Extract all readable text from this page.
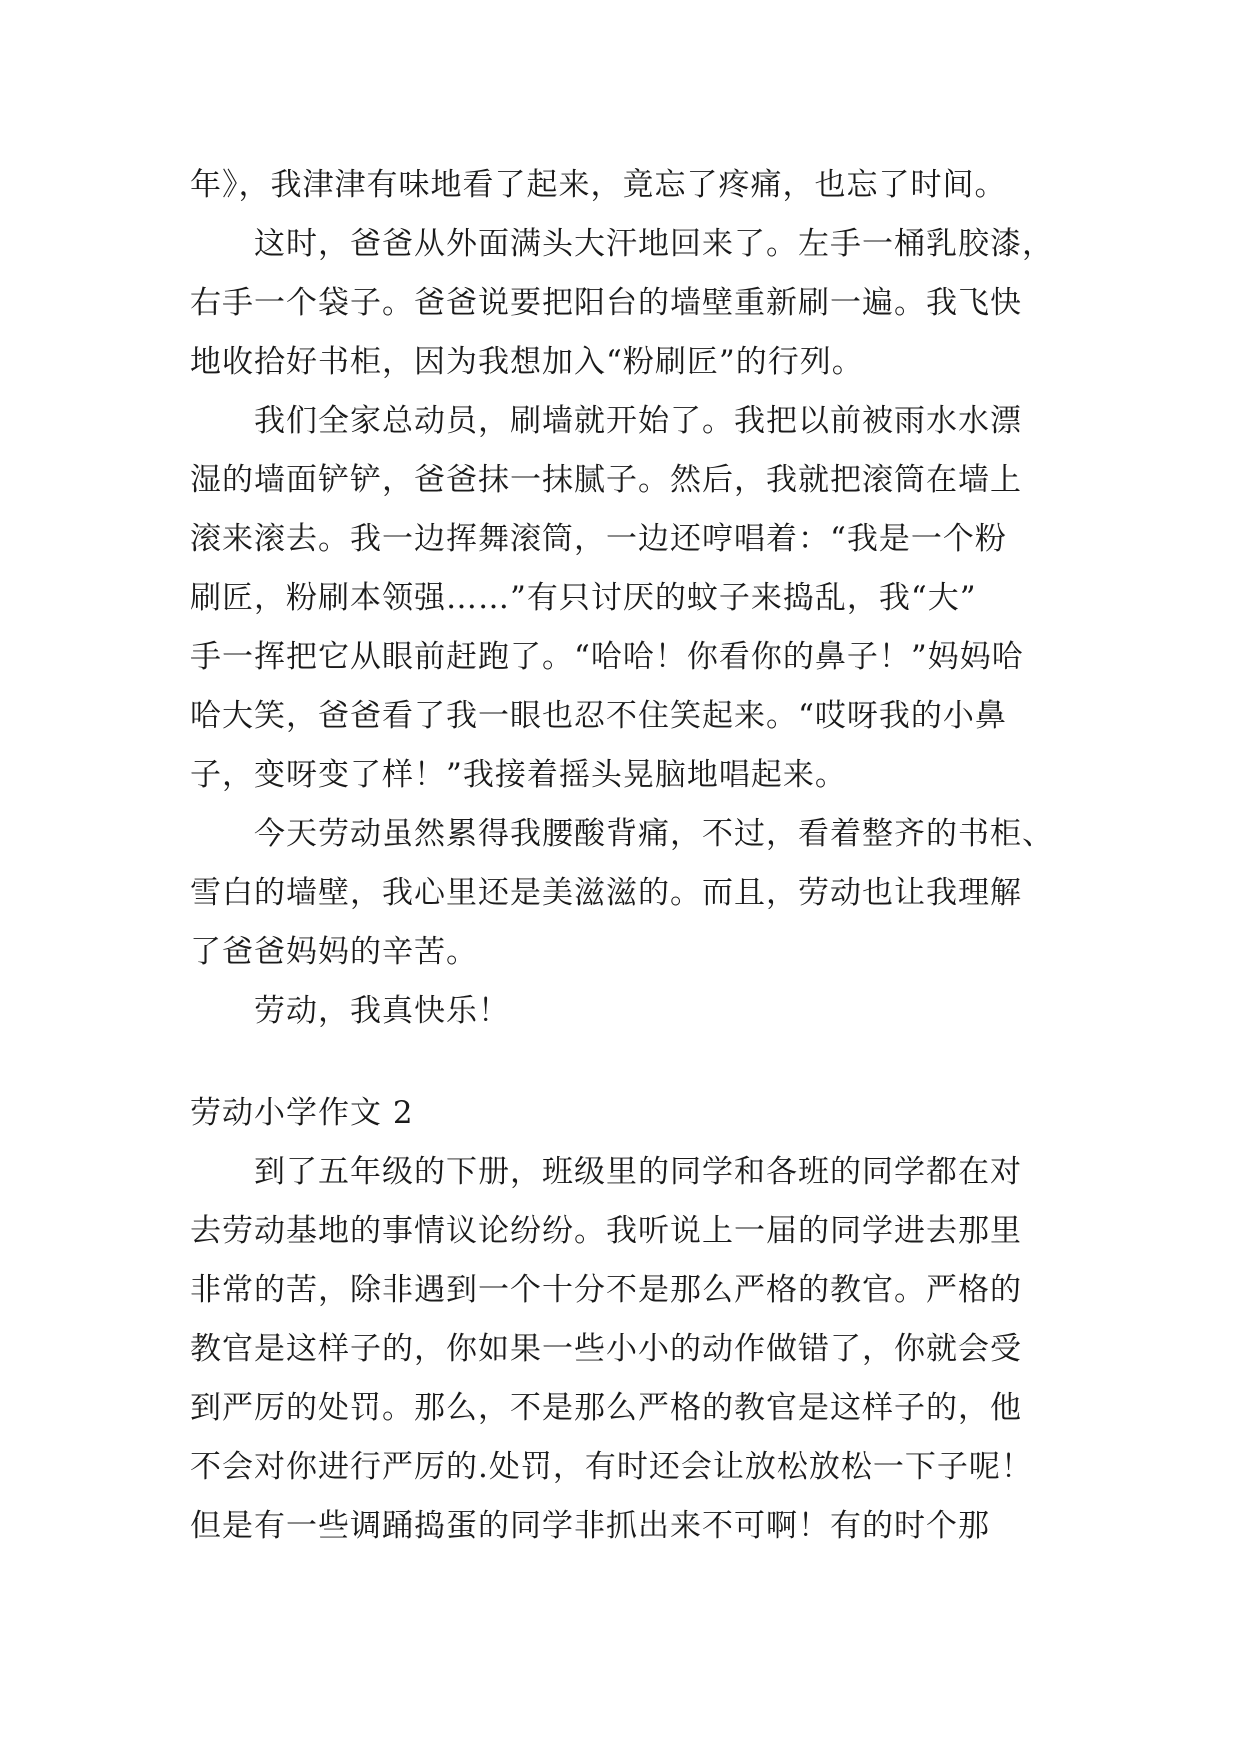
年》，我津津有味地看了起来，竟忘了疼痛，也忘了时间。
这时，爸爸从外面满头大汗地回来了。左手一桶乳胶漆，
右手一个袋子。爸爸说要把阳台的墙壁重新刷一遍。我飞快
地收拾好书柜，因为我想加入“粉刷匠”的行列。
我们全家总动员，刷墙就开始了。我把以前被雨水水漂
湿的墙面铲铲，爸爸抹一抹腻子。然后，我就把滚筒在墙上
滚来滚去。我一边挥舞滚筒，一边还哼唱着：“我是一个粉
刷匠，粉刷本领强……”有只讨厌的蚊子来捣乱，我“大”
手一挥把它从眼前赶跑了。“哈哈！你看你的鼻子！”妈妈哈
哈大笑，爸爸看了我一眼也忍不住笑起来。“哎呀我的小鼻
子，变呀变了样！”我接着摇头晃脑地唱起来。
今天劳动虽然累得我腰酸背痛，不过，看着整齐的书柜、
雪白的墙壁，我心里还是美滋滋的。而且，劳动也让我理解
了爸爸妈妈的辛苦。
劳动，我真快乐！
劳动小学作文 2
到了五年级的下册，班级里的同学和各班的同学都在对
去劳动基地的事情议论纷纷。我听说上一届的同学进去那里
非常的苦，除非遇到一个十分不是那么严格的教官。严格的
教官是这样子的，你如果一些小小的动作做错了，你就会受
到严厉的处罚。那么，不是那么严格的教官是这样子的，他
不会对你进行严厉的.处罚，有时还会让放松放松一下子呢！
但是有一些调踊捣蛋的同学非抓出来不可啊！有的时个那
